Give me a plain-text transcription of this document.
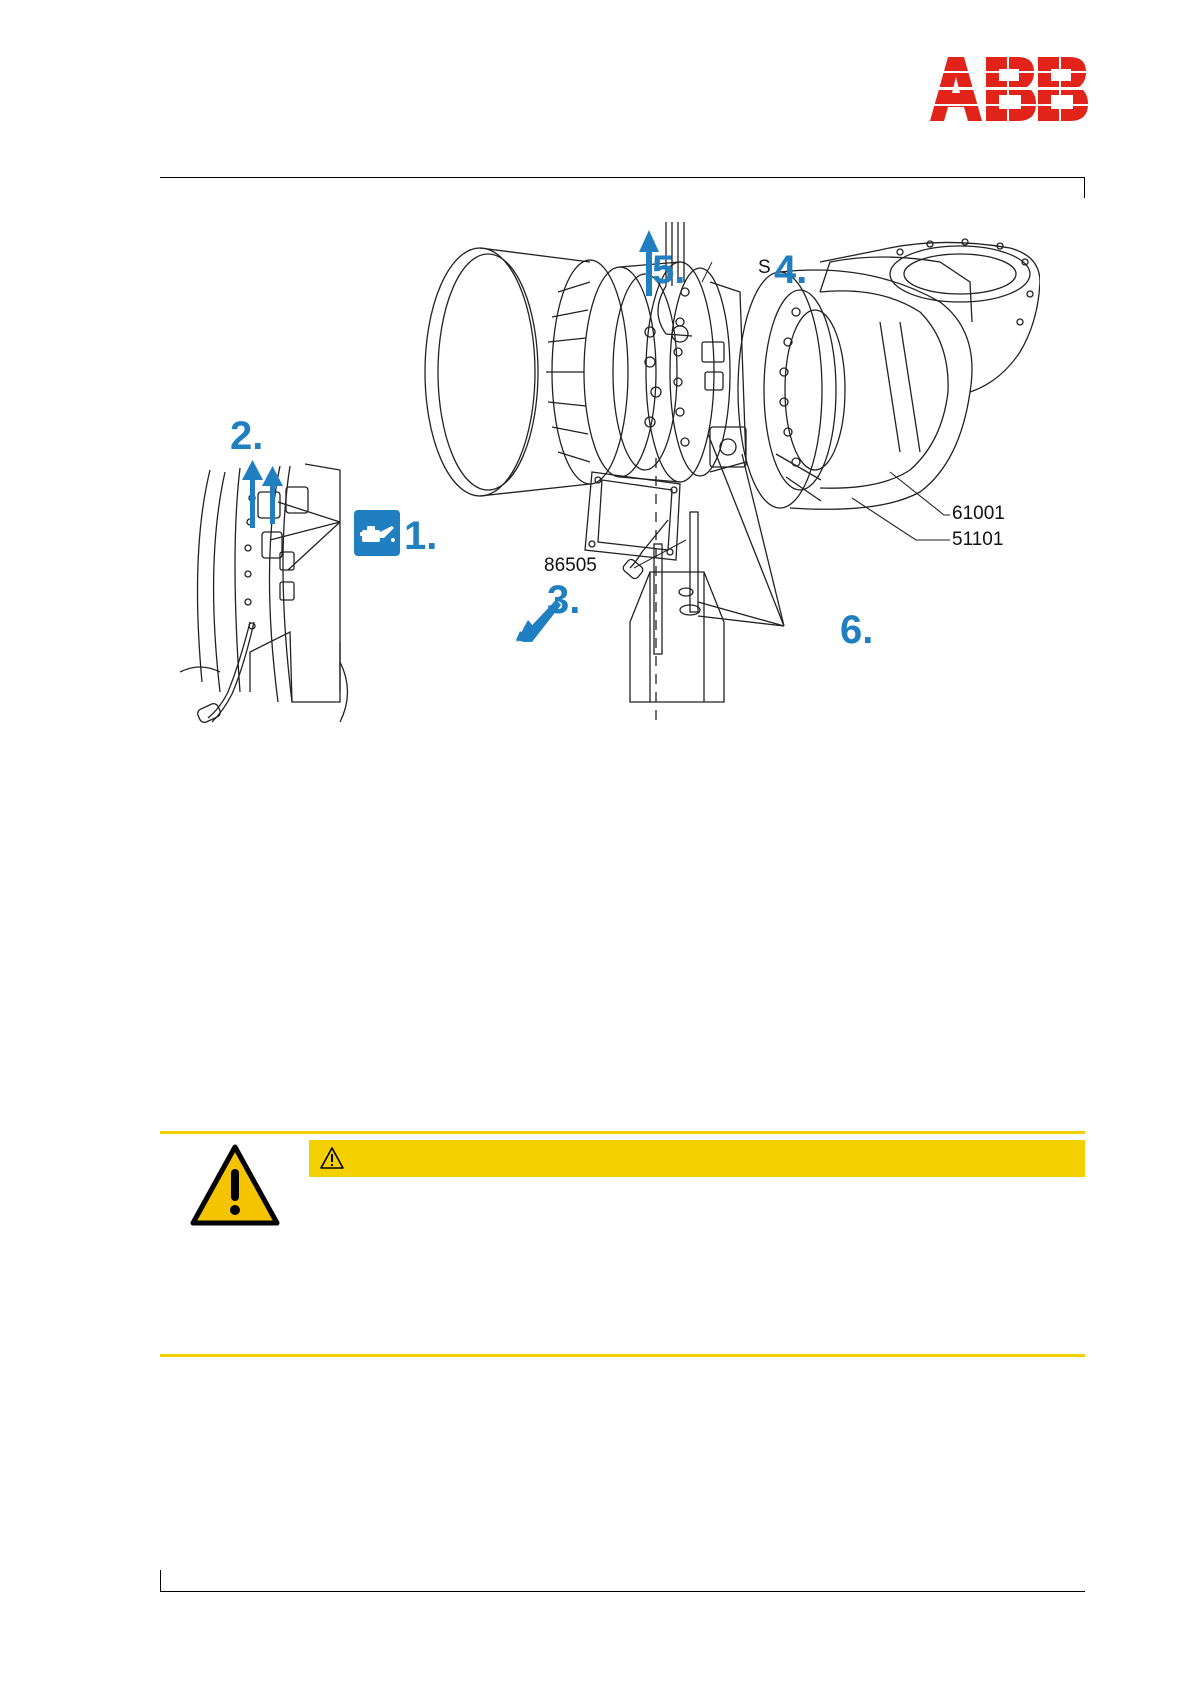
1.
2.
3.
4.
5.
6.
S
86505
61001
51101
